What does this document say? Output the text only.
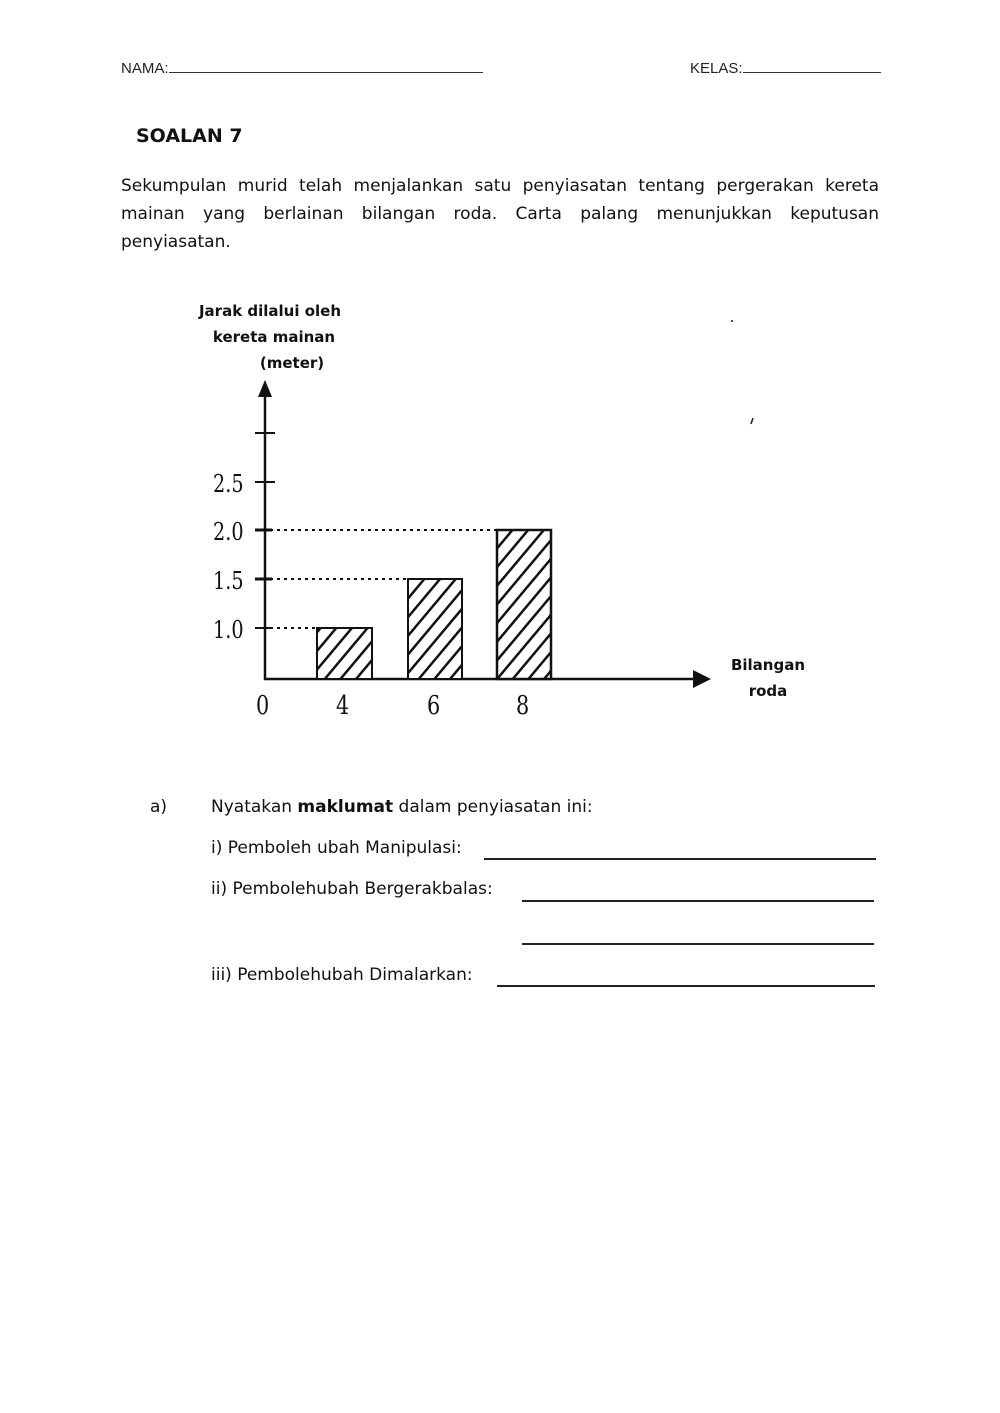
NAMA:	KELAS:
SOALAN 7
Sekumpulan murid telah menjalankan satu penyiasatan tentang pergerakan kereta
mainan yang berlainan bilangan roda. Carta palang menunjukkan keputusan
penyiasatan.
Jarak dilalui oleh
kereta mainan
(meter)
2.5
2.0
1.5
1.0
0	4	6	8
Bilangan
roda
a)	Nyatakan maklumat dalam penyiasatan ini:
i) Pemboleh ubah Manipulasi:
ii) Pembolehubah Bergerakbalas:
iii) Pembolehubah Dimalarkan:
